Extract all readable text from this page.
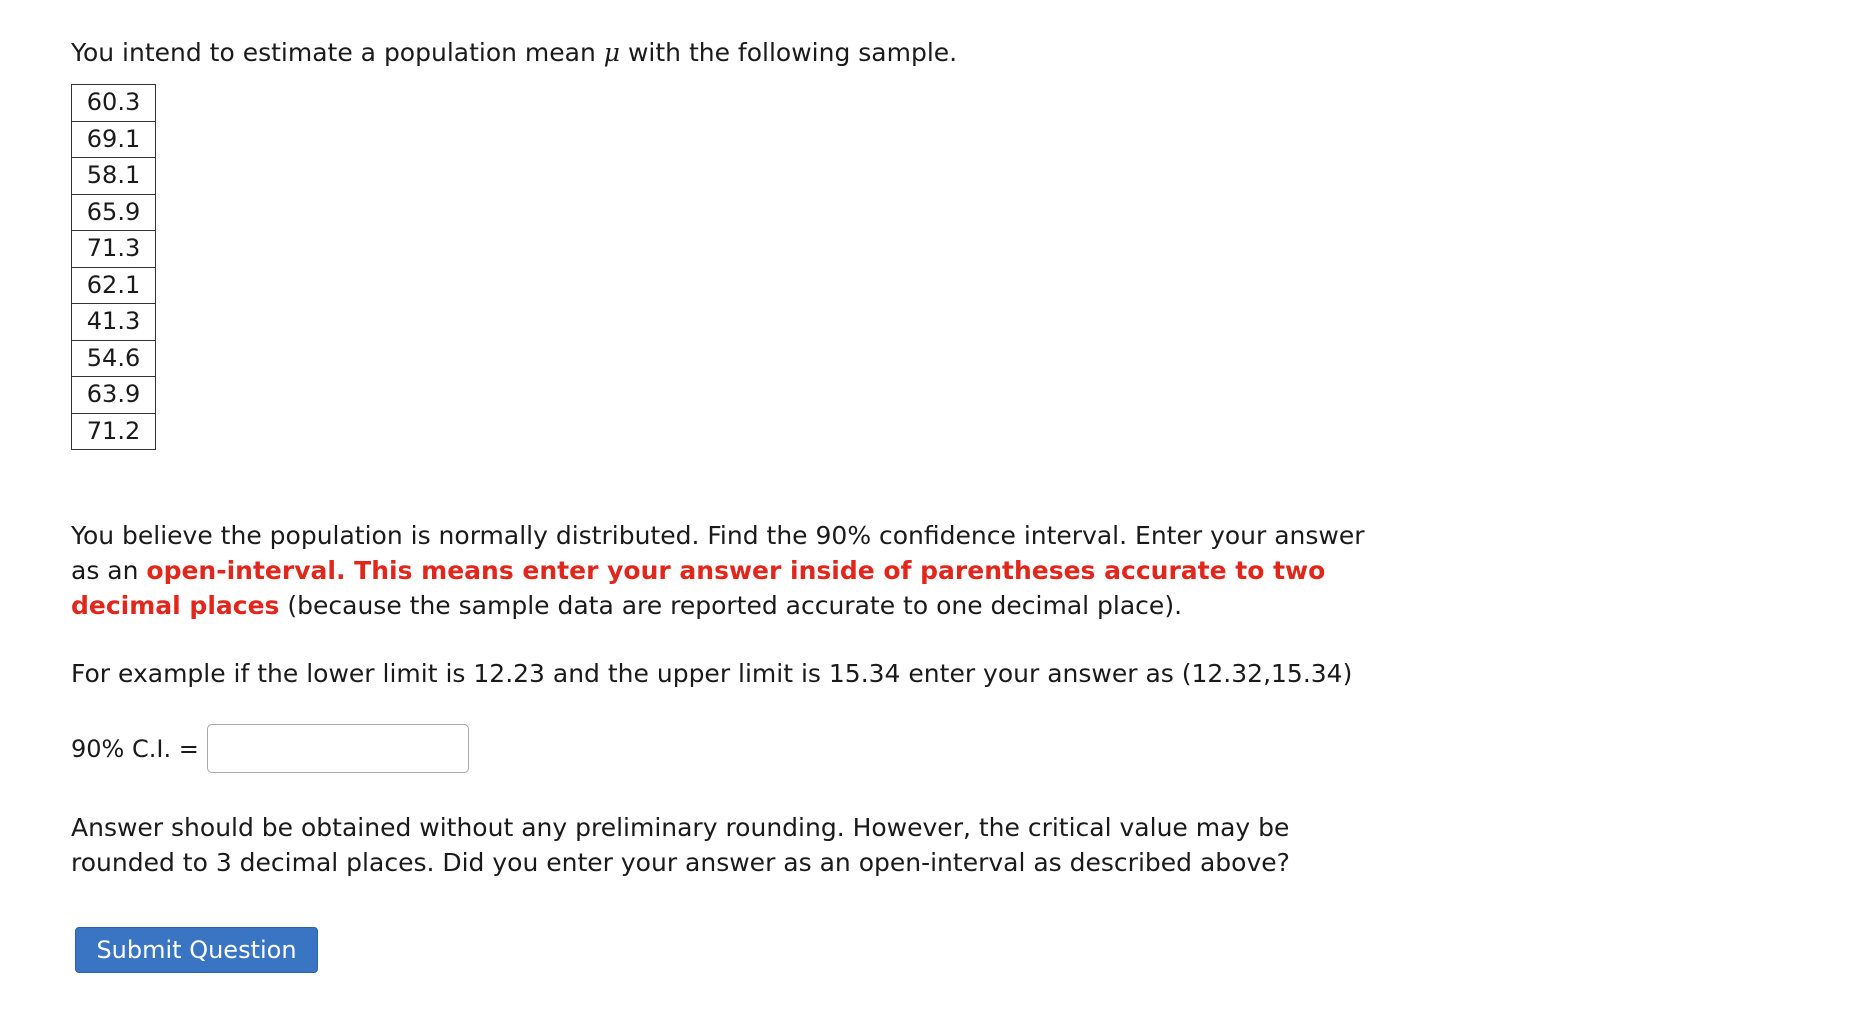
You intend to estimate a population mean μ with the following sample.

60.3
69.1
58.1
65.9
71.3
62.1
41.3
54.6
63.9
71.2

You believe the population is normally distributed. Find the 90% confidence interval. Enter your answer as an open-interval. This means enter your answer inside of parentheses accurate to two decimal places (because the sample data are reported accurate to one decimal place).

For example if the lower limit is 12.23 and the upper limit is 15.34 enter your answer as (12.32,15.34)

90% C.I. =

Answer should be obtained without any preliminary rounding. However, the critical value may be rounded to 3 decimal places. Did you enter your answer as an open-interval as described above?

Submit Question
